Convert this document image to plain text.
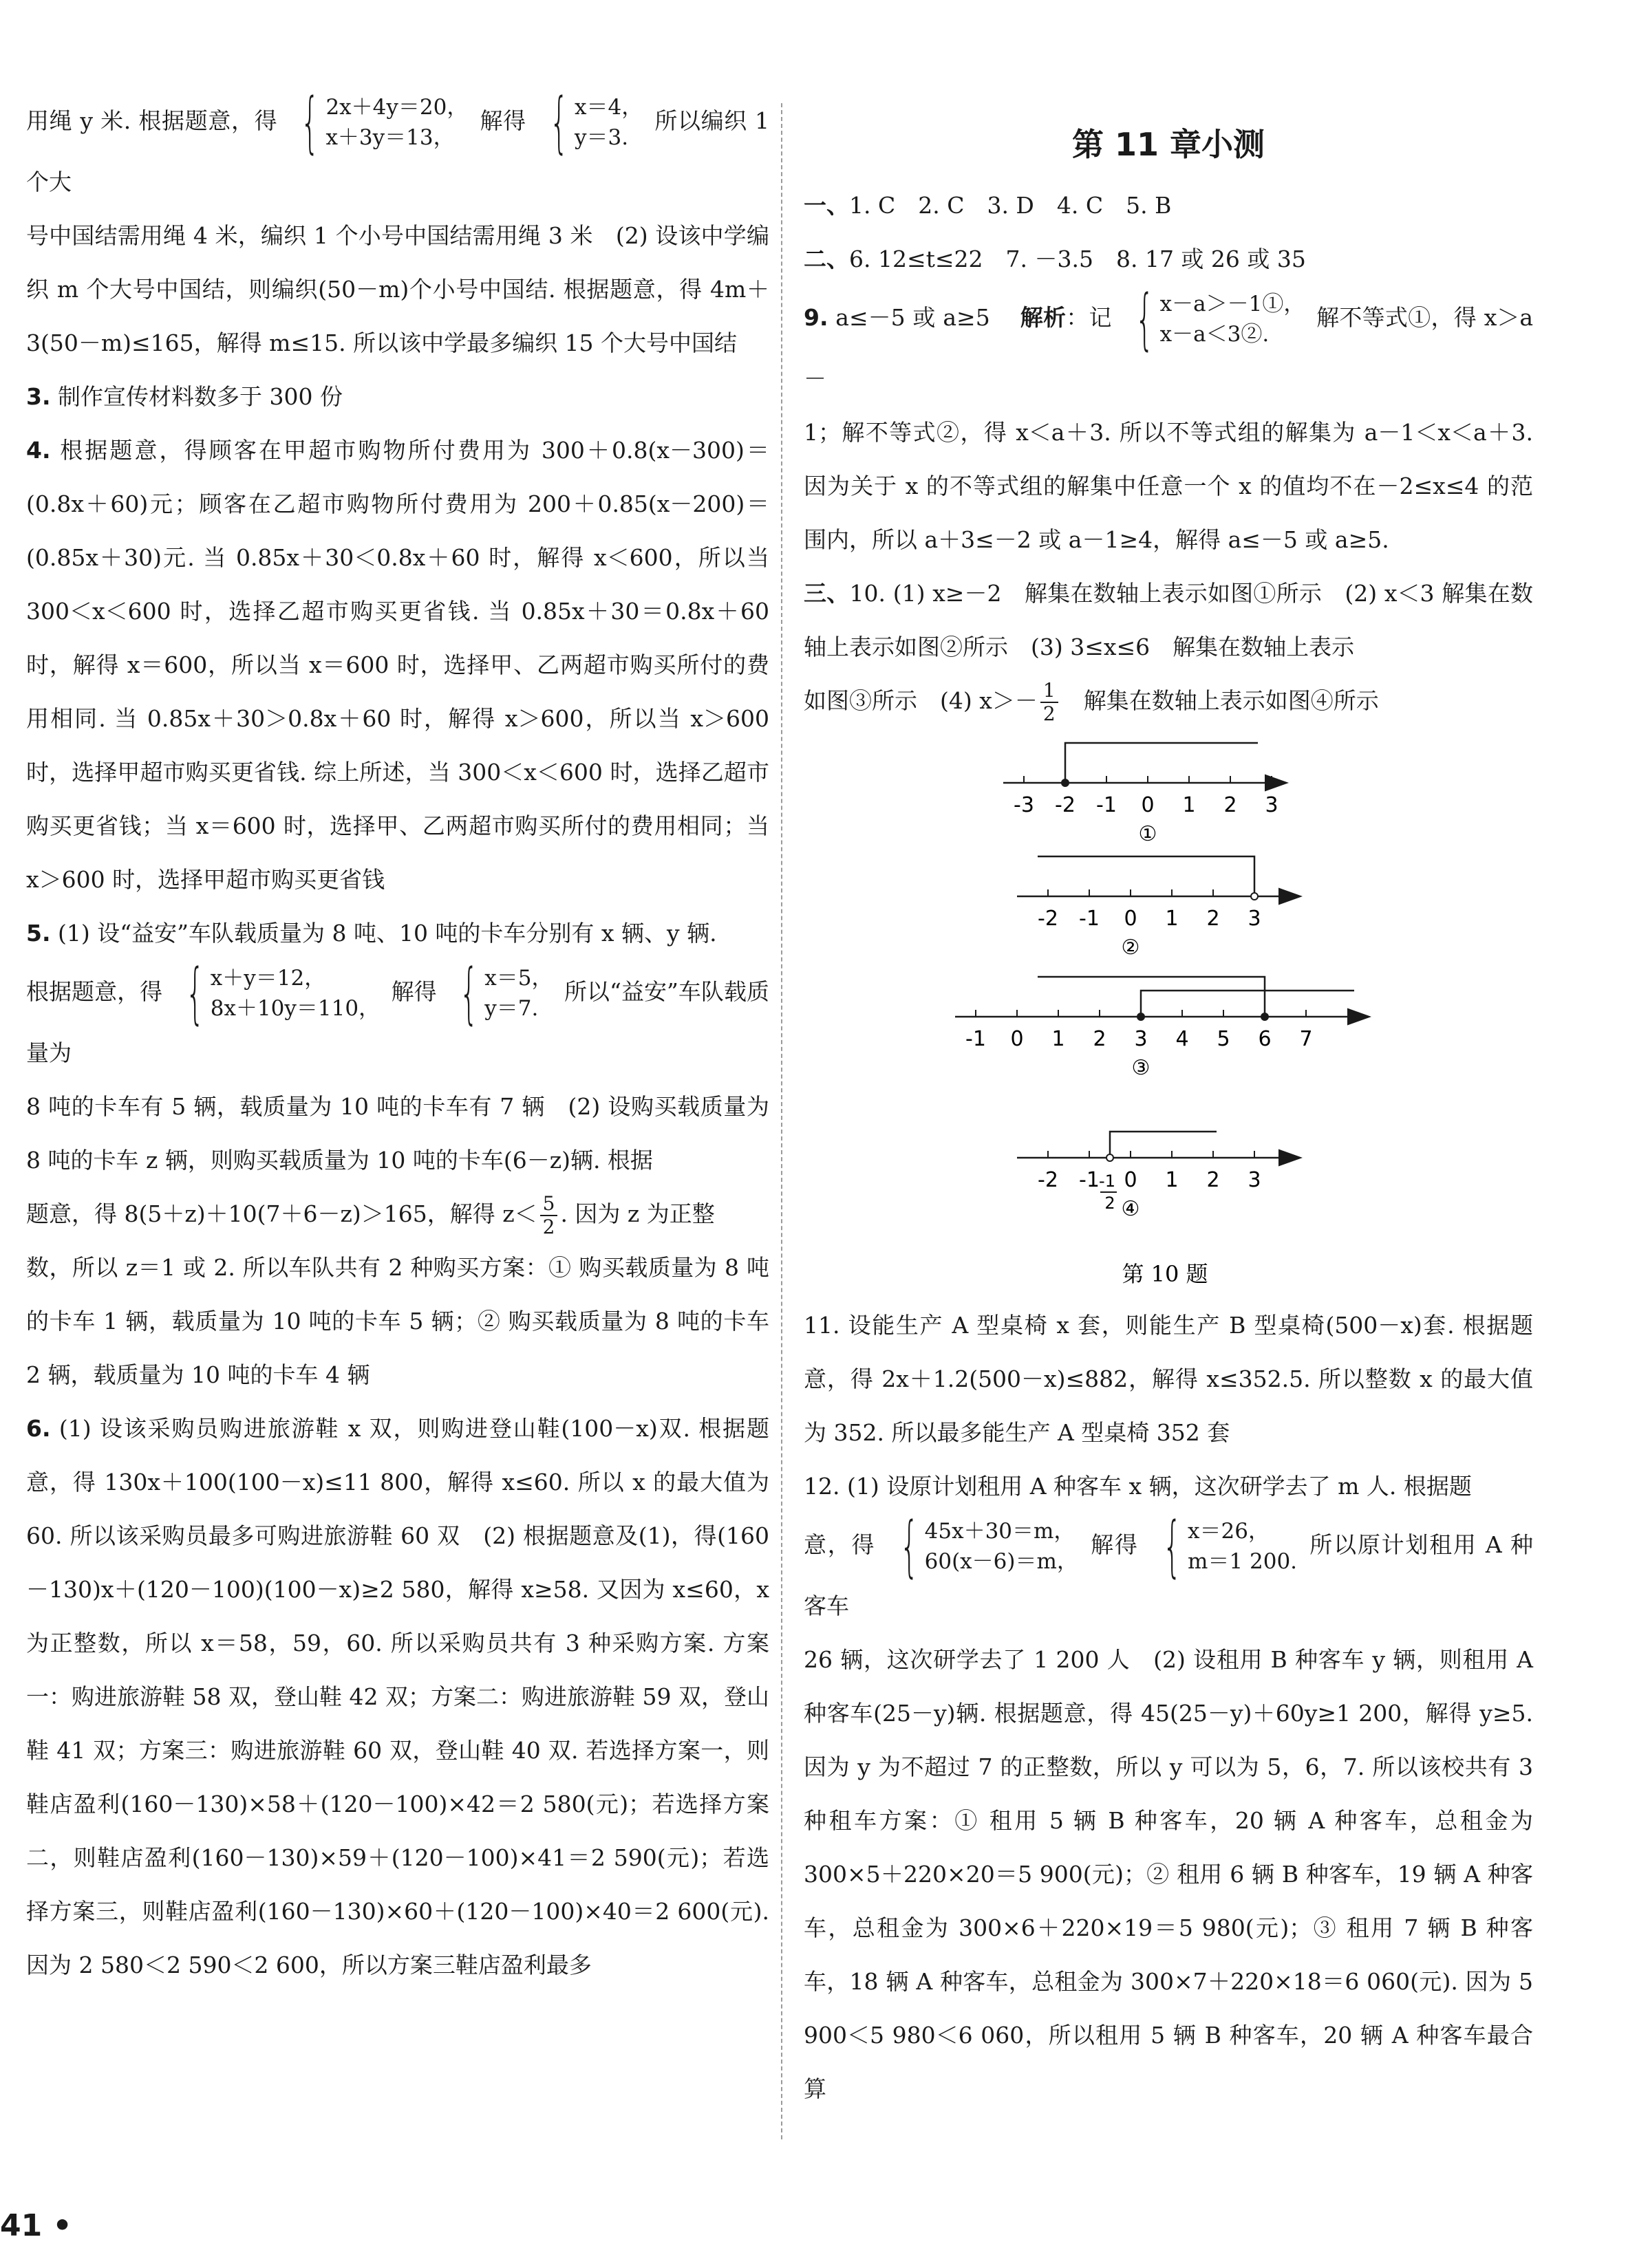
用绳 y 米. 根据题意，得 { 2x＋4y＝20，
x＋3y＝13，
解得 { x＝4，
y＝3.
所以编织 1 个大

号中国结需用绳 4 米，编织 1 个小号中国结需用绳 3 米　(2) 设该中学编织 m 个大号中国结，则编织(50－m)个小号中国结. 根据题意，得 4m＋3(50－m)≤165，解得 m≤15. 所以该中学最多编织 15 个大号中国结

3. 制作宣传材料数多于 300 份

4. 根据题意，得顾客在甲超市购物所付费用为 300＋0.8(x－300)＝(0.8x＋60)元；顾客在乙超市购物所付费用为 200＋0.85(x－200)＝(0.85x＋30)元. 当 0.85x＋30＜0.8x＋60 时，解得 x＜600，所以当 300＜x＜600 时，选择乙超市购买更省钱. 当 0.85x＋30＝0.8x＋60 时，解得 x＝600，所以当 x＝600 时，选择甲、乙两超市购买所付的费用相同. 当 0.85x＋30＞0.8x＋60 时，解得 x＞600，所以当 x＞600 时，选择甲超市购买更省钱. 综上所述，当 300＜x＜600 时，选择乙超市购买更省钱；当 x＝600 时，选择甲、乙两超市购买所付的费用相同；当 x＞600 时，选择甲超市购买更省钱

5. (1) 设“益安”车队载质量为 8 吨、10 吨的卡车分别有 x 辆、y 辆.

根据题意，得 { x＋y＝12，
8x＋10y＝110，
解得 { x＝5，
y＝7.
所以“益安”车队载质量为

8 吨的卡车有 5 辆，载质量为 10 吨的卡车有 7 辆　(2) 设购买载质量为 8 吨的卡车 z 辆，则购买载质量为 10 吨的卡车(6－z)辆. 根据

题意，得 8(5＋z)＋10(7＋6－z)＞165，解得 $z< \frac{5}{2}$ . 因为 z 为正整

数，所以 z＝1 或 2. 所以车队共有 2 种购买方案：① 购买载质量为 8 吨的卡车 1 辆，载质量为 10 吨的卡车 5 辆；② 购买载质量为 8 吨的卡车 2 辆，载质量为 10 吨的卡车 4 辆

6. (1) 设该采购员购进旅游鞋 x 双，则购进登山鞋(100－x)双. 根据题意，得 130x＋100(100－x)≤11 800，解得 x≤60. 所以 x 的最大值为 60. 所以该采购员最多可购进旅游鞋 60 双　(2) 根据题意及(1)，得(160－130)x＋(120－100)(100－x)≥2 580，解得 x≥58. 又因为 x≤60，x 为正整数，所以 x＝58，59，60. 所以采购员共有 3 种采购方案. 方案一：购进旅游鞋 58 双，登山鞋 42 双；方案二：购进旅游鞋 59 双，登山鞋 41 双；方案三：购进旅游鞋 60 双，登山鞋 40 双. 若选择方案一，则鞋店盈利(160－130)×58＋(120－100)×42＝2 580(元)；若选择方案二，则鞋店盈利(160－130)×59＋(120－100)×41＝2 590(元)；若选择方案三，则鞋店盈利(160－130)×60＋(120－100)×40＝2 600(元). 因为 2 580＜2 590＜2 600，所以方案三鞋店盈利最多

第 11 章小测

一、1. C　2. C　3. D　4. C　5. B

二、6. 12≤t≤22　7. －3.5　8. 17 或 26 或 35

9. a≤－5 或 a≥5 　 解析：记 { x－a＞－1①，
x－a＜3②.
解不等式①，得 x＞a－

1；解不等式②，得 x＜a＋3. 所以不等式组的解集为 a－1＜x＜a＋3. 因为关于 x 的不等式组的解集中任意一个 x 的值均不在－2≤x≤4 的范围内，所以 a＋3≤－2 或 a－1≥4，解得 a≤－5 或 a≥5.

三、10. (1) x≥－2　解集在数轴上表示如图①所示　(2) x＜3 解集在数轴上表示如图②所示　(3) 3≤x≤6　解集在数轴上表示

如图③所示　(4) $x>- \frac{1}{2}$ 　解集在数轴上表示如图④所示

-3 -2 -1 0 1 2 3
①
-2 -1 0 1 2 3
②
-1 0 1 2 3 4 5 6 7
③
-2 -1 0 1 2 3
④
-1
2
第 10 题

11. 设能生产 A 型桌椅 x 套，则能生产 B 型桌椅(500－x)套. 根据题意，得 2x＋1.2(500－x)≤882，解得 x≤352.5. 所以整数 x 的最大值为 352. 所以最多能生产 A 型桌椅 352 套

12. (1) 设原计划租用 A 种客车 x 辆，这次研学去了 m 人. 根据题

意，得 { 45x＋30＝m，
60(x－6)＝m，
解得 { x＝26，
m＝1 200.
所以原计划租用 A 种客车

26 辆，这次研学去了 1 200 人　(2) 设租用 B 种客车 y 辆，则租用 A 种客车(25－y)辆. 根据题意，得 45(25－y)＋60y≥1 200，解得 y≥5. 因为 y 为不超过 7 的正整数，所以 y 可以为 5，6，7. 所以该校共有 3 种租车方案：① 租用 5 辆 B 种客车，20 辆 A 种客车，总租金为 300×5＋220×20＝5 900(元)；② 租用 6 辆 B 种客车，19 辆 A 种客车，总租金为 300×6＋220×19＝5 980(元)；③ 租用 7 辆 B 种客车，18 辆 A 种客车，总租金为 300×7＋220×18＝6 060(元). 因为 5 900＜5 980＜6 060，所以租用 5 辆 B 种客车，20 辆 A 种客车最合算

41 •
